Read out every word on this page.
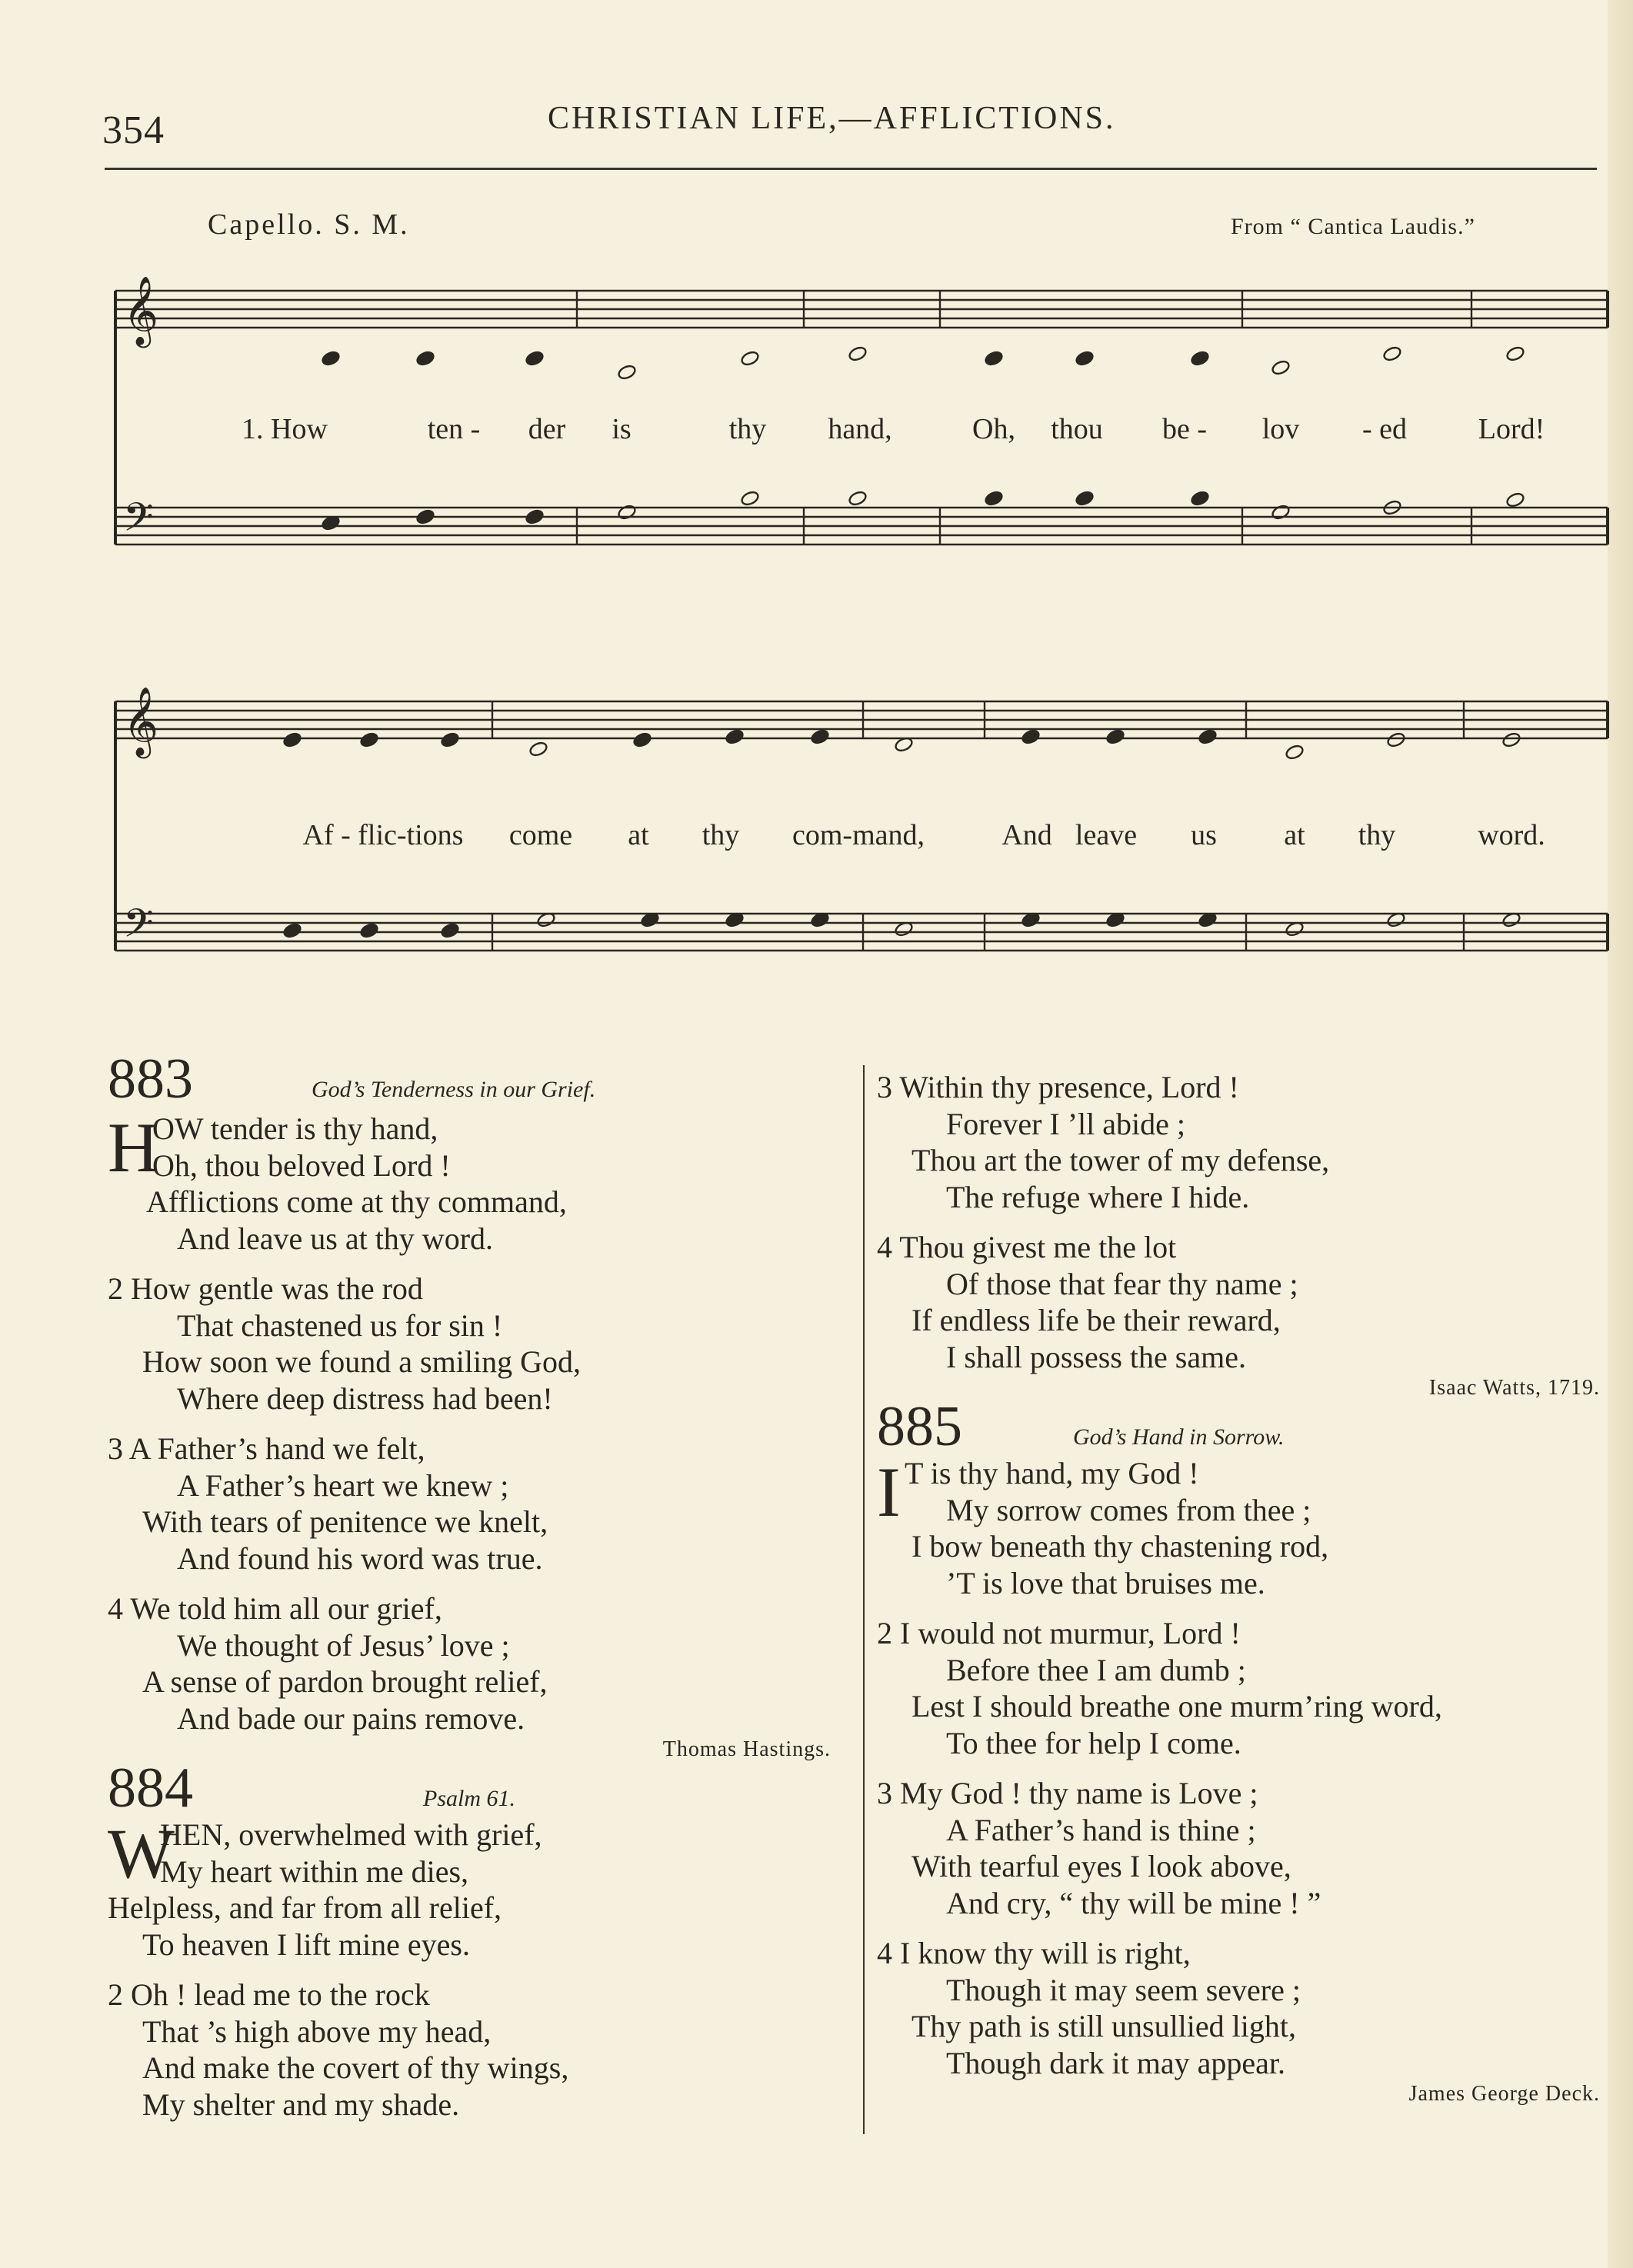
354	CHRISTIAN LIFE,—AFFLICTIONS.
Capello. S. M.	From “ Cantica Laudis.”
𝄞
𝄢
𝄞
𝄢
1. How	ten - der is	thy hand,	Oh, thou be - lov - ed Lord!
Af - flic-tions come at thy com-mand,	And leave us at thy	word.
883	God’s Tenderness in our Grief.
H
OW tender is thy hand,
Oh, thou beloved Lord !
Afflictions come at thy command,
And leave us at thy word.
2 How gentle was the rod
That chastened us for sin !
How soon we found a smiling God,
Where deep distress had been!
3 A Father’s hand we felt,
A Father’s heart we knew ;
With tears of penitence we knelt,
And found his word was true.
4 We told him all our grief,
We thought of Jesus’ love ;
A sense of pardon brought relief,
And bade our pains remove.
Thomas Hastings.
884	Psalm 61.
W
HEN, overwhelmed with grief,
My heart within me dies,
Helpless, and far from all relief,
To heaven I lift mine eyes.
2 Oh ! lead me to the rock
That ’s high above my head,
And make the covert of thy wings,
My shelter and my shade.
3 Within thy presence, Lord !
Forever I ’ll abide ;
Thou art the tower of my defense,
The refuge where I hide.
4 Thou givest me the lot
Of those that fear thy name ;
If endless life be their reward,
I shall possess the same.
Isaac Watts, 1719.
885	God’s Hand in Sorrow.
I T is thy hand, my God !
My sorrow comes from thee ;
I bow beneath thy chastening rod,
’T is love that bruises me.
2 I would not murmur, Lord !
Before thee I am dumb ;
Lest I should breathe one murm’ring word,
To thee for help I come.
3 My God ! thy name is Love ;
A Father’s hand is thine ;
With tearful eyes I look above,
And cry, “ thy will be mine ! ”
4 I know thy will is right,
Though it may seem severe ;
Thy path is still unsullied light,
Though dark it may appear.
James George Deck.
